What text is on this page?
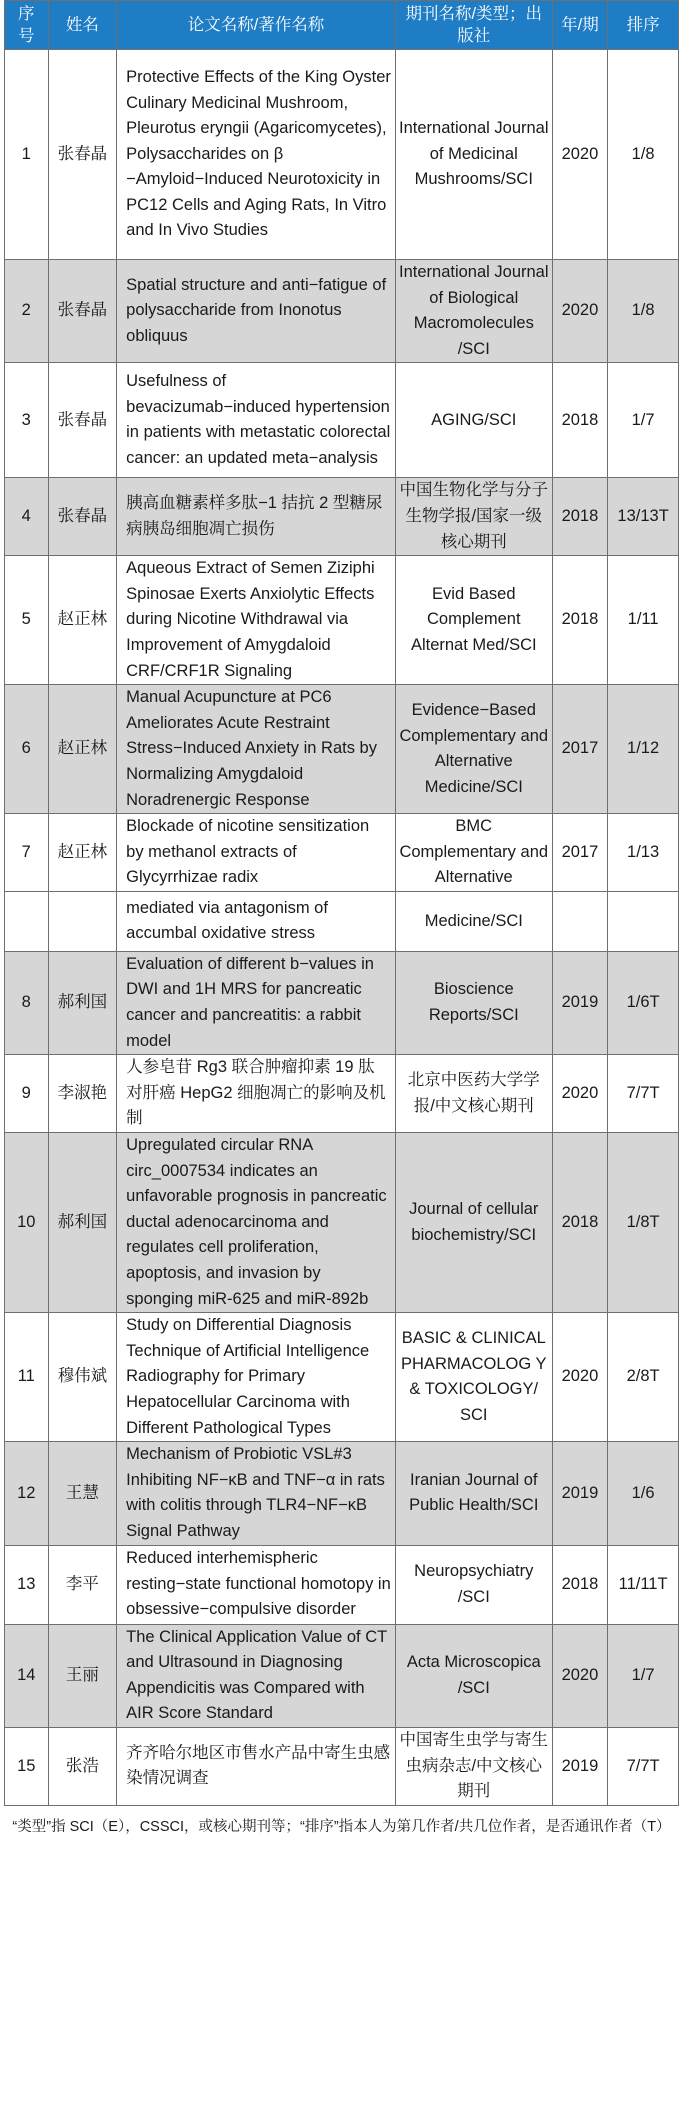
序号	姓名	论文名称/著作名称	期刊名称/类型；出版社	年/期	排序
1	张春晶	Protective Effects of the King Oyster Culinary Medicinal Mushroom, Pleurotus eryngii (Agaricomycetes), Polysaccharides on β −Amyloid−Induced Neurotoxicity in PC12 Cells and Aging Rats, In Vitro and In Vivo Studies	International Journal of Medicinal Mushrooms/SCI	2020	1/8
2	张春晶	Spatial structure and anti−fatigue of polysaccharide from Inonotus obliquus	International Journal of Biological Macromolecules /SCI	2020	1/8
3	张春晶	Usefulness of bevacizumab−induced hypertension in patients with metastatic colorectal cancer: an updated meta−analysis	AGING/SCI	2018	1/7
4	张春晶	胰高血糖素样多肽−1 拮抗 2 型糖尿病胰岛细胞凋亡损伤	中国生物化学与分子生物学报/国家一级核心期刊	2018	13/13T
5	赵正林	Aqueous Extract of Semen Ziziphi Spinosae Exerts Anxiolytic Effects during Nicotine Withdrawal via Improvement of Amygdaloid CRF/CRF1R Signaling	Evid Based Complement Alternat Med/SCI	2018	1/11
6	赵正林	Manual Acupuncture at PC6 Ameliorates Acute Restraint Stress−Induced Anxiety in Rats by Normalizing Amygdaloid Noradrenergic Response	Evidence−Based Complementary and Alternative Medicine/SCI	2017	1/12
7	赵正林	Blockade of nicotine sensitization by methanol extracts of Glycyrrhizae radix	BMC Complementary and Alternative	2017	1/13
		mediated via antagonism of accumbal oxidative stress	Medicine/SCI		
8	郝利国	Evaluation of different b−values in DWI and 1H MRS for pancreatic cancer and pancreatitis: a rabbit model	Bioscience Reports/SCI	2019	1/6T
9	李淑艳	人参皂苷 Rg3 联合肿瘤抑素 19 肽对肝癌 HepG2 细胞凋亡的影响及机制	北京中医药大学学报/中文核心期刊	2020	7/7T
10	郝利国	Upregulated circular RNA circ_0007534 indicates an unfavorable prognosis in pancreatic ductal adenocarcinoma and regulates cell proliferation, apoptosis, and invasion by sponging miR‑625 and miR‑892b	Journal of cellular biochemistry/SCI	2018	1/8T
11	穆伟斌	Study on Differential Diagnosis Technique of Artificial Intelligence Radiography for Primary Hepatocellular Carcinoma with Different Pathological Types	BASIC & CLINICAL PHARMACOLOG Y & TOXICOLOGY/ SCI	2020	2/8T
12	王慧	Mechanism of Probiotic VSL#3 Inhibiting NF−κB and TNF−α in rats with colitis through TLR4−NF−κB Signal Pathway	Iranian Journal of Public Health/SCI	2019	1/6
13	李平	Reduced interhemispheric resting−state functional homotopy in obsessive−compulsive disorder	Neuropsychiatry /SCI	2018	11/11T
14	王丽	The Clinical Application Value of CT and Ultrasound in Diagnosing Appendicitis was Compared with AIR Score Standard	Acta Microscopica /SCI	2020	1/7
15	张浩	齐齐哈尔地区市售水产品中寄生虫感染情况调查	中国寄生虫学与寄生虫病杂志/中文核心期刊	2019	7/7T
“类型”指 SCI（E），CSSCI，或核心期刊等；“排序”指本人为第几作者/共几位作者，是否通讯作者（T）
